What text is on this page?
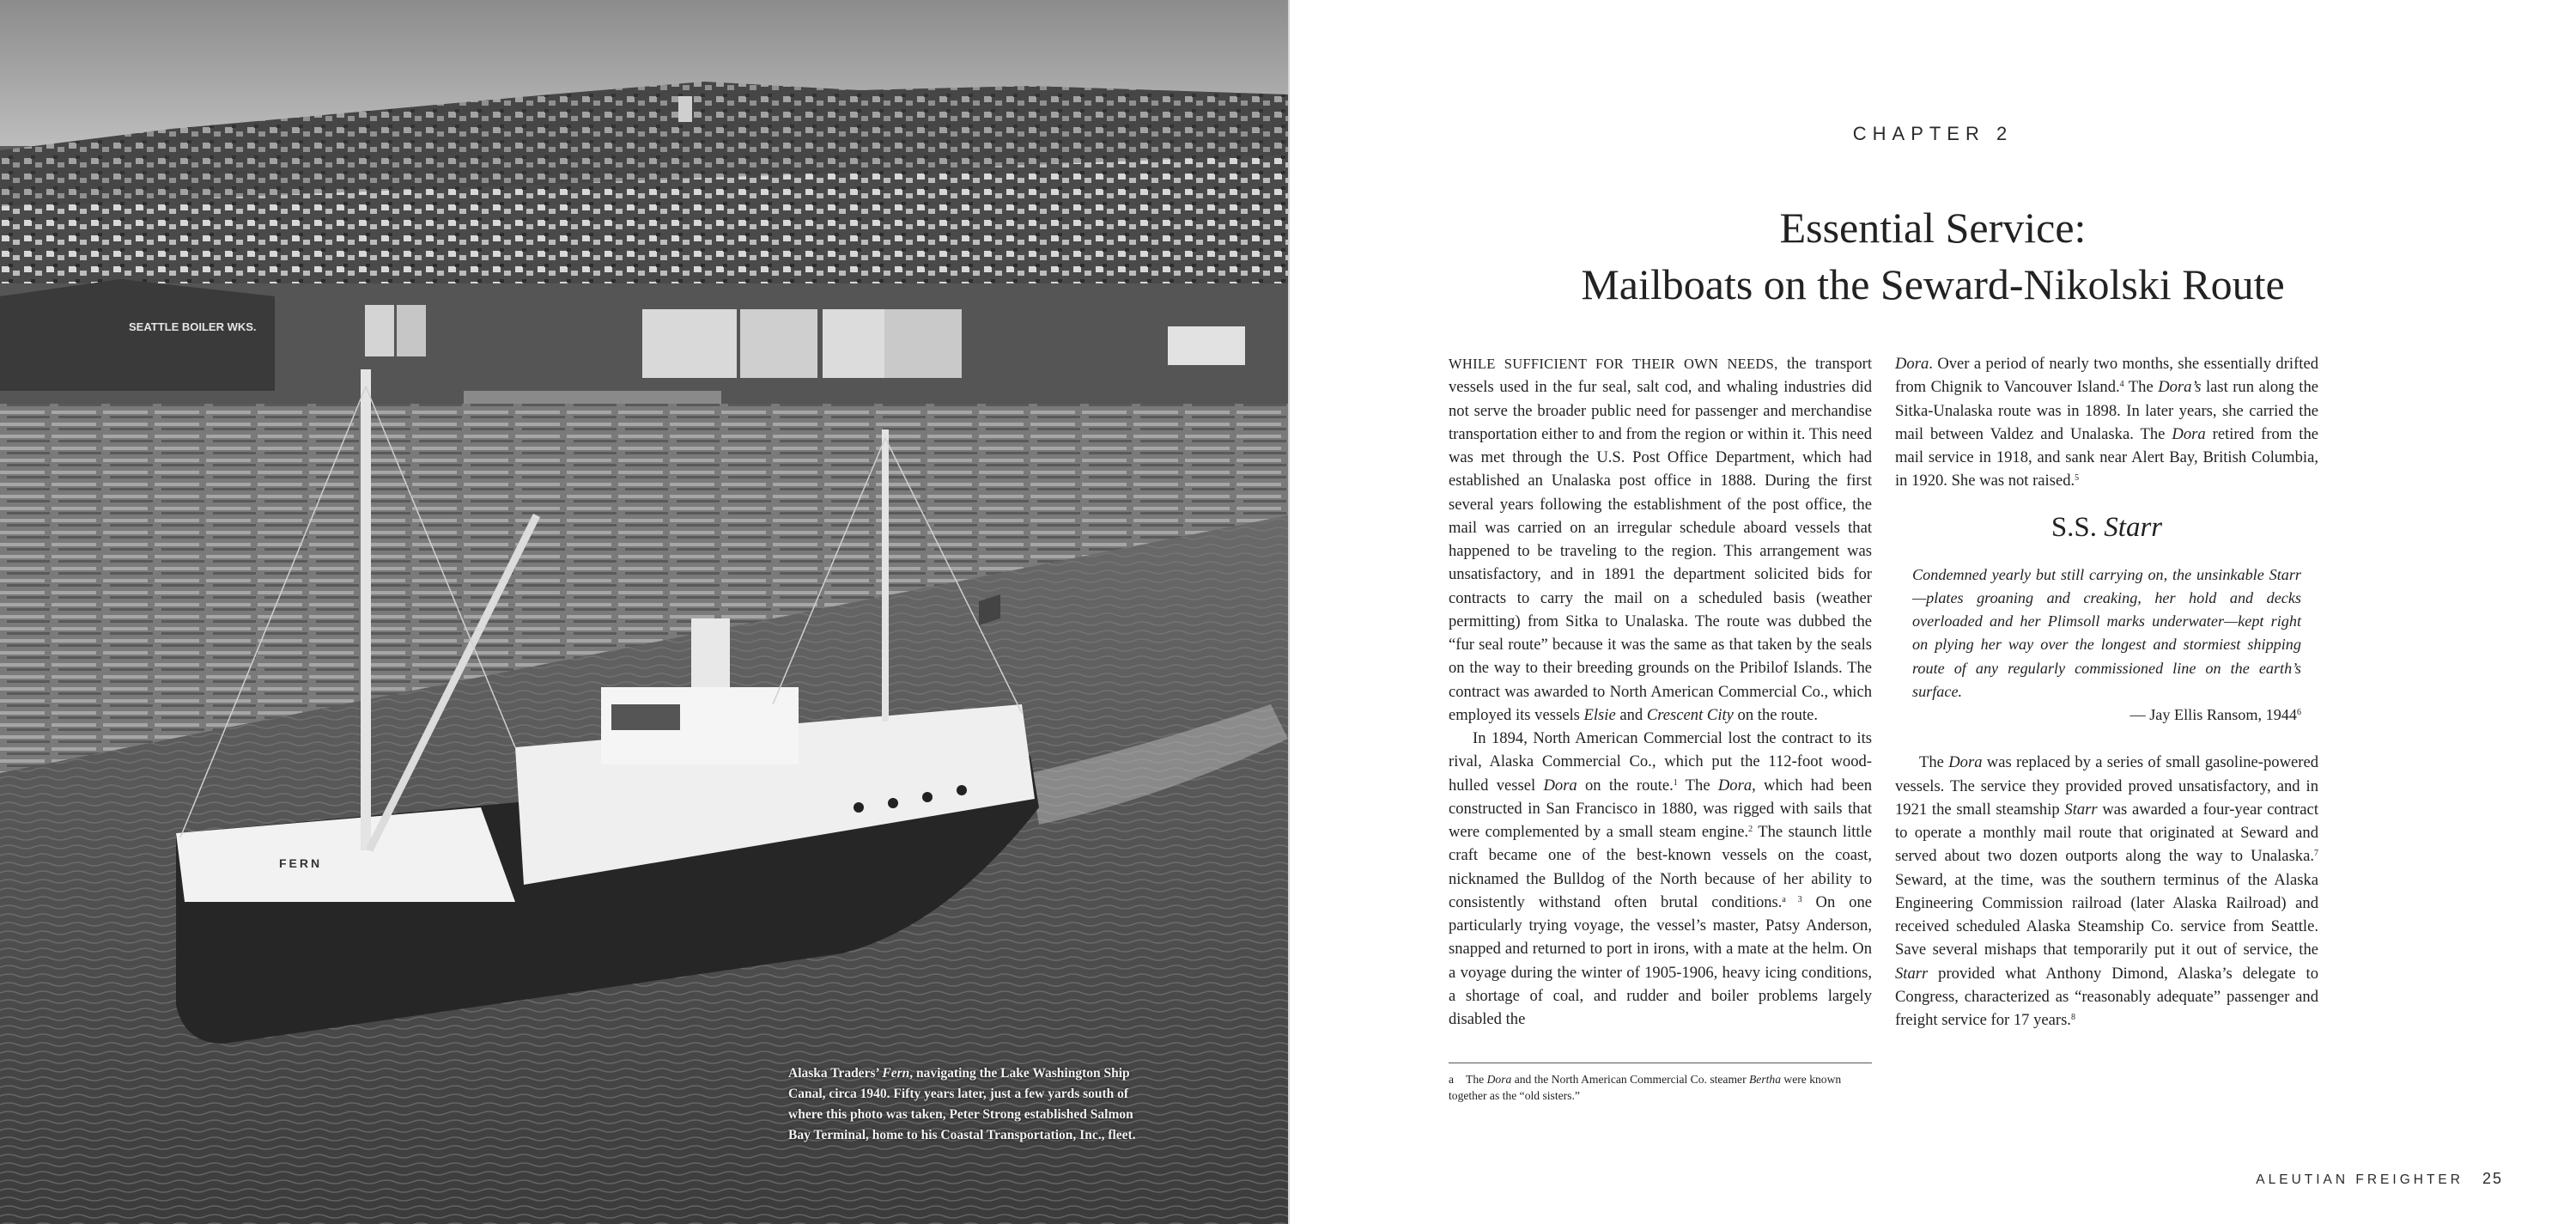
SEATTLE BOILER WKS.
FERN
Alaska Traders’ Fern, navigating the Lake Washington Ship Canal, circa 1940. Fifty years later, just a few yards south of where this photo was taken, Peter Strong established Salmon Bay Terminal, home to his Coastal Transportation, Inc., fleet.
CHAPTER 2
Essential Service:
Mailboats on the Seward-Nikolski Route

WHILE SUFFICIENT FOR THEIR OWN NEEDS, the transport vessels used in the fur seal, salt cod, and whaling industries did not serve the broader public need for passenger and merchandise transportation either to and from the region or within it. This need was met through the U.S. Post Office Department, which had established an Unalaska post office in 1888. During the first several years following the establishment of the post office, the mail was carried on an irregular schedule aboard vessels that happened to be traveling to the region. This arrangement was unsatisfactory, and in 1891 the department solicited bids for contracts to carry the mail on a scheduled basis (weather permitting) from Sitka to Unalaska. The route was dubbed the “fur seal route” because it was the same as that taken by the seals on the way to their breeding grounds on the Pribilof Islands. The contract was awarded to North American Commercial Co., which employed its vessels Elsie and Crescent City on the route.

In 1894, North American Commercial lost the contract to its rival, Alaska Commercial Co., which put the 112-foot wood-hulled vessel Dora on the route.$^1$ The Dora, which had been constructed in San Francisco in 1880, was rigged with sails that were complemented by a small steam engine.$^2$ The staunch little craft became one of the best-known vessels on the coast, nicknamed the Bulldog of the North because of her ability to consistently withstand often brutal conditions.$^{a 3}$ On one particularly trying voyage, the vessel’s master, Patsy Anderson, snapped and returned to port in irons, with a mate at the helm. On a voyage during the winter of 1905-1906, heavy icing conditions, a shortage of coal, and rudder and boiler problems largely disabled the

Dora. Over a period of nearly two months, she essentially drifted from Chignik to Vancouver Island.$^4$ The Dora’s last run along the Sitka-Unalaska route was in 1898. In later years, she carried the mail between Valdez and Unalaska. The Dora retired from the mail service in 1918, and sank near Alert Bay, British Columbia, in 1920. She was not raised.$^5$

S.S. Starr
Condemned yearly but still carrying on, the unsinkable Starr—plates groaning and creaking, her hold and decks overloaded and her Plimsoll marks underwater—kept right on plying her way over the longest and stormiest shipping route of any regularly commissioned line on the earth’s surface.
— Jay Ellis Ransom, 1944$^6$

The Dora was replaced by a series of small gasoline-powered vessels. The service they provided proved unsatisfactory, and in 1921 the small steamship Starr was awarded a four-year contract to operate a monthly mail route that originated at Seward and served about two dozen outports along the way to Unalaska.$^7$ Seward, at the time, was the southern terminus of the Alaska Engineering Commission railroad (later Alaska Railroad) and received scheduled Alaska Steamship Co. service from Seattle. Save several mishaps that temporarily put it out of service, the Starr provided what Anthony Dimond, Alaska’s delegate to Congress, characterized as “reasonably adequate” passenger and freight service for 17 years.$^8$

a The Dora and the North American Commercial Co. steamer Bertha were known together as the “old sisters.”
ALEUTIAN FREIGHTER 25
